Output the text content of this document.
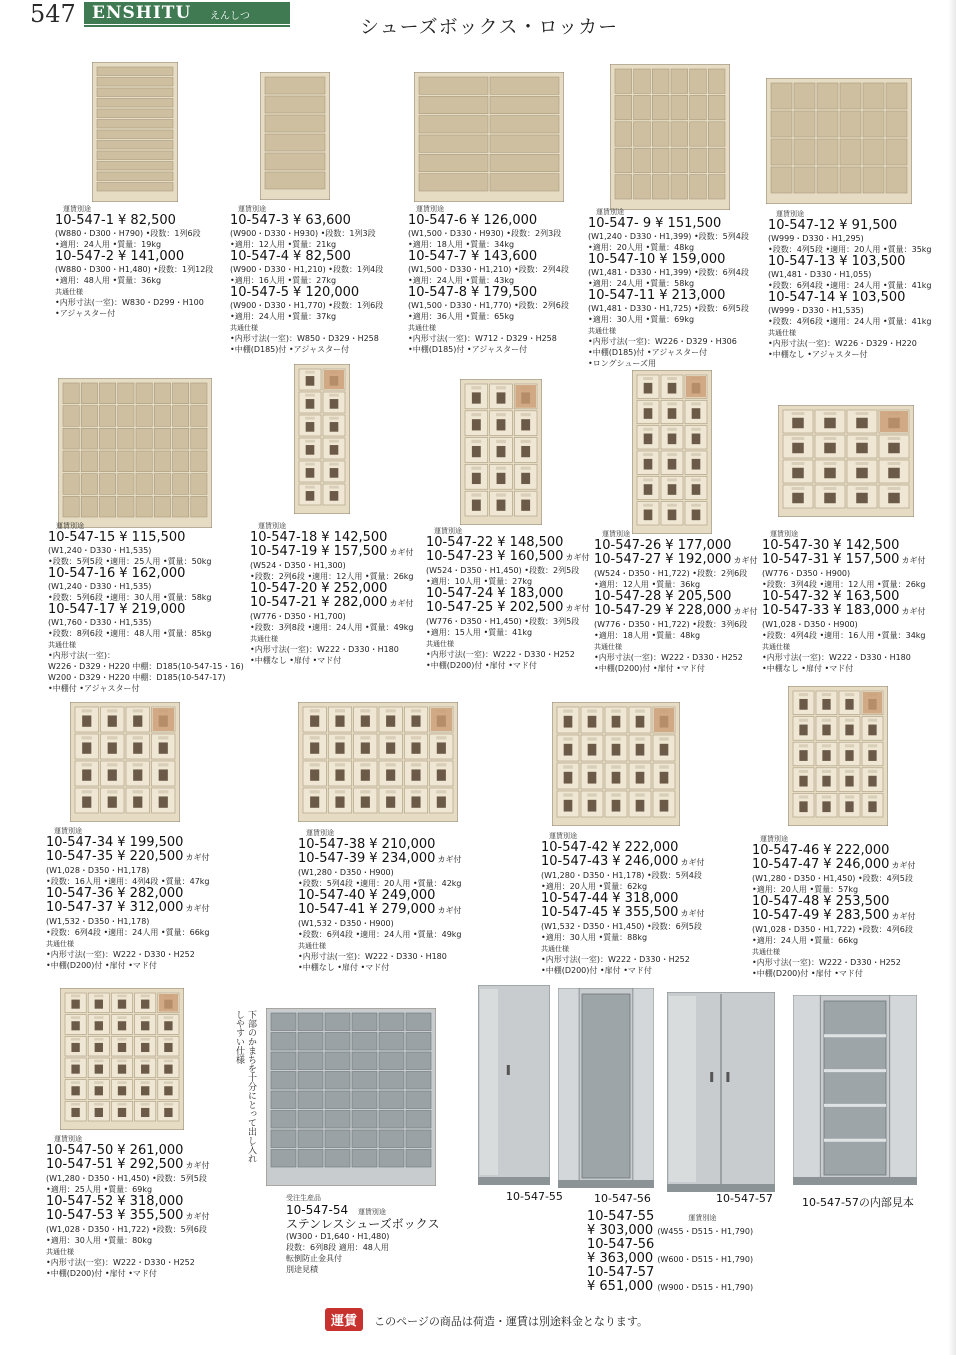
547 ENSHITU えんしつ	シューズボックス・ロッカー
運賃別途
10-547-1 ¥ 82,500
(W880・D300・H790) •段数：1列6段
•適用：24人用 •質量：19kg
10-547-2 ¥ 141,000
(W880・D300・H1,480) •段数：1列12段
•適用：48人用 •質量：36kg
共通仕様
•内形寸法(一室)：W830・D299・H100
•アジャスター付
運賃別途
10-547-3 ¥ 63,600
(W900・D330・H930) •段数：1列3段
•適用：12人用 •質量：21kg
10-547-4 ¥ 82,500
(W900・D330・H1,210) •段数：1列4段
•適用：16人用 •質量：27kg
10-547-5 ¥ 120,000
(W900・D330・H1,770) •段数：1列6段
•適用：24人用 •質量：37kg
共通仕様
•内形寸法(一室)：W850・D329・H258
•中棚(D185)付 •アジャスター付
運賃別途
10-547-6 ¥ 126,000
(W1,500・D330・H930) •段数：2列3段
•適用：18人用 •質量：34kg
10-547-7 ¥ 143,600
(W1,500・D330・H1,210) •段数：2列4段
•適用：24人用 •質量：43kg
10-547-8 ¥ 179,500
(W1,500・D330・H1,770) •段数：2列6段
•適用：36人用 •質量：65kg
共通仕様
•内形寸法(一室)：W712・D329・H258
•中棚(D185)付 •アジャスター付
運賃別途
10-547- 9 ¥ 151,500
(W1,240・D330・H1,399) •段数：5列4段
•適用：20人用 •質量：48kg
10-547-10 ¥ 159,000
(W1,481・D330・H1,399) •段数：6列4段
•適用：24人用 •質量：58kg
10-547-11 ¥ 213,000
(W1,481・D330・H1,725) •段数：6列5段
•適用：30人用 •質量：69kg
共通仕様
•内形寸法(一室)：W226・D329・H306
•中棚(D185)付 •アジャスター付
•ロングシューズ用
運賃別途
10-547-12 ¥ 91,500
(W999・D330・H1,295)
•段数：4列5段 •適用：20人用 •質量：35kg
10-547-13 ¥ 103,500
(W1,481・D330・H1,055)
•段数：6列4段 •適用：24人用 •質量：41kg
10-547-14 ¥ 103,500
(W999・D330・H1,535)
•段数：4列6段 •適用：24人用 •質量：41kg
共通仕様
•内形寸法(一室)：W226・D329・H220
•中棚なし •アジャスター付
運賃別途
10-547-15 ¥ 115,500
(W1,240・D330・H1,535)
•段数：5列5段 •適用：25人用 •質量：50kg
10-547-16 ¥ 162,000
(W1,240・D330・H1,535)
•段数：5列6段 •適用：30人用 •質量：58kg
10-547-17 ¥ 219,000
(W1,760・D330・H1,535)
•段数：8列6段 •適用：48人用 •質量：85kg
共通仕様
•内形寸法(一室)：
W226・D329・H220 中棚：D185(10-547-15・16)
W200・D329・H220 中棚：D185(10-547-17)
•中棚付 •アジャスター付
運賃別途
10-547-18 ¥ 142,500
10-547-19 ¥ 157,500 カギ付
(W524・D350・H1,300)
•段数：2列6段 •適用：12人用 •質量：26kg
10-547-20 ¥ 252,000
10-547-21 ¥ 282,000 カギ付
(W776・D350・H1,700)
•段数：3列8段 •適用：24人用 •質量：49kg
共通仕様
•内形寸法(一室)：W222・D330・H180
•中棚なし •扉付 •マド付
運賃別途
10-547-22 ¥ 148,500
10-547-23 ¥ 160,500 カギ付
(W524・D350・H1,450) •段数：2列5段
•適用：10人用 •質量：27kg
10-547-24 ¥ 183,000
10-547-25 ¥ 202,500 カギ付
(W776・D350・H1,450) •段数：3列5段
•適用：15人用 •質量：41kg
共通仕様
•内形寸法(一室)：W222・D330・H252
•中棚(D200)付 •扉付 •マド付
運賃別途
10-547-26 ¥ 177,000
10-547-27 ¥ 192,000 カギ付
(W524・D350・H1,722) •段数：2列6段
•適用：12人用 •質量：36kg
10-547-28 ¥ 205,500
10-547-29 ¥ 228,000 カギ付
(W776・D350・H1,722) •段数：3列6段
•適用：18人用 •質量：48kg
共通仕様
•内形寸法(一室)：W222・D330・H252
•中棚(D200)付 •扉付 •マド付
運賃別途
10-547-30 ¥ 142,500
10-547-31 ¥ 157,500 カギ付
(W776・D350・H900)
•段数：3列4段 •適用：12人用 •質量：26kg
10-547-32 ¥ 163,500
10-547-33 ¥ 183,000 カギ付
(W1,028・D350・H900)
•段数：4列4段 •適用：16人用 •質量：34kg
共通仕様
•内形寸法(一室)：W222・D330・H180
•中棚なし •扉付 •マド付
運賃別途
10-547-34 ¥ 199,500
10-547-35 ¥ 220,500 カギ付
(W1,028・D350・H1,178)
•段数：16人用 •適用：4列4段 •質量：47kg
10-547-36 ¥ 282,000
10-547-37 ¥ 312,000 カギ付
(W1,532・D350・H1,178)
•段数：6列4段 •適用：24人用 •質量：66kg
共通仕様
•内形寸法(一室)：W222・D330・H252
•中棚(D200)付 •扉付 •マド付
運賃別途
10-547-38 ¥ 210,000
10-547-39 ¥ 234,000 カギ付
(W1,280・D350・H900)
•段数：5列4段 •適用：20人用 •質量：42kg
10-547-40 ¥ 249,000
10-547-41 ¥ 279,000 カギ付
(W1,532・D350・H900)
•段数：6列4段 •適用：24人用 •質量：49kg
共通仕様
•内形寸法(一室)：W222・D330・H180
•中棚なし •扉付 •マド付
運賃別途
10-547-42 ¥ 222,000
10-547-43 ¥ 246,000 カギ付
(W1,280・D350・H1,178) •段数：5列4段
•適用：20人用 •質量：62kg
10-547-44 ¥ 318,000
10-547-45 ¥ 355,500 カギ付
(W1,532・D350・H1,450) •段数：6列5段
•適用：30人用 •質量：88kg
共通仕様
•内形寸法(一室)：W222・D330・H252
•中棚(D200)付 •扉付 •マド付
運賃別途
10-547-46 ¥ 222,000
10-547-47 ¥ 246,000 カギ付
(W1,280・D350・H1,450) •段数：4列5段
•適用：20人用 •質量：57kg
10-547-48 ¥ 253,500
10-547-49 ¥ 283,500 カギ付
(W1,028・D350・H1,722) •段数：4列6段
•適用：24人用 •質量：66kg
共通仕様
•内形寸法(一室)：W222・D330・H252
•中棚(D200)付 •扉付 •マド付
運賃別途
10-547-50 ¥ 261,000
10-547-51 ¥ 292,500 カギ付
(W1,280・D350・H1,450) •段数：5列5段
•適用：25人用 •質量：69kg
10-547-52 ¥ 318,000
10-547-53 ¥ 355,500 カギ付
(W1,028・D350・H1,722) •段数：5列6段
•適用：30人用 •質量：80kg
共通仕様
•内形寸法(一室)：W222・D330・H252
•中棚(D200)付 •扉付 •マド付
下部のかまちを十分にとって出し入れしやすい仕様
受注生産品
10-547-54 運賃別途
ステンレスシューズボックス
(W300・D1,640・H1,480)
段数：6列8段 適用：48人用
転倒防止金具付
別途見積
10-547-55	10-547-56	10-547-57	10-547-57の内部見本
10-547-55	運賃別途
¥ 303,000 (W455・D515・H1,790)
10-547-56
¥ 363,000 (W600・D515・H1,790)
10-547-57
¥ 651,000 (W900・D515・H1,790)
運賃 このページの商品は荷造・運賃は別途料金となります。
